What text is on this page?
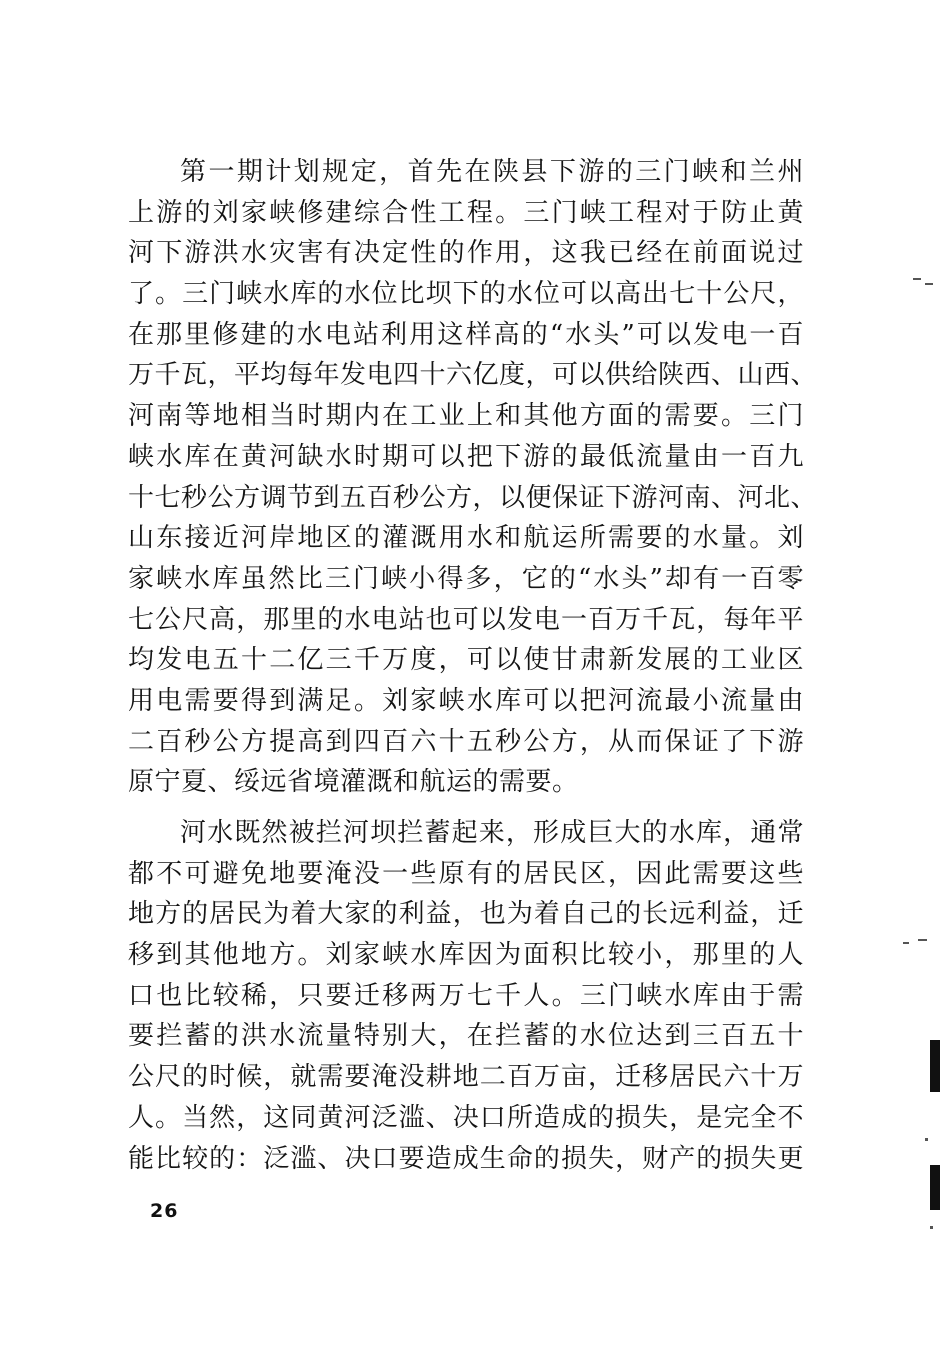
第一期计划规定，首先在陕县下游的三门峡和兰州
上游的刘家峡修建综合性工程。三门峡工程对于防止黄
河下游洪水灾害有决定性的作用，这我已经在前面说过
了。三门峡水库的水位比坝下的水位可以高出七十公尺，
在那里修建的水电站利用这样高的“水头”可以发电一百
万千瓦，平均每年发电四十六亿度，可以供给陕西、山西、
河南等地相当时期内在工业上和其他方面的需要。三门
峡水库在黄河缺水时期可以把下游的最低流量由一百九
十七秒公方调节到五百秒公方，以便保证下游河南、河北、
山东接近河岸地区的灌溉用水和航运所需要的水量。刘
家峡水库虽然比三门峡小得多，它的“水头”却有一百零
七公尺高，那里的水电站也可以发电一百万千瓦，每年平
均发电五十二亿三千万度，可以使甘肃新发展的工业区
用电需要得到满足。刘家峡水库可以把河流最小流量由
二百秒公方提高到四百六十五秒公方，从而保证了下游
原宁夏、绥远省境灌溉和航运的需要。
河水既然被拦河坝拦蓄起来，形成巨大的水库，通常
都不可避免地要淹没一些原有的居民区，因此需要这些
地方的居民为着大家的利益，也为着自己的长远利益，迁
移到其他地方。刘家峡水库因为面积比较小，那里的人
口也比较稀，只要迁移两万七千人。三门峡水库由于需
要拦蓄的洪水流量特别大，在拦蓄的水位达到三百五十
公尺的时候，就需要淹没耕地二百万亩，迁移居民六十万
人。当然，这同黄河泛滥、决口所造成的损失，是完全不
能比较的：泛滥、决口要造成生命的损失，财产的损失更
26
